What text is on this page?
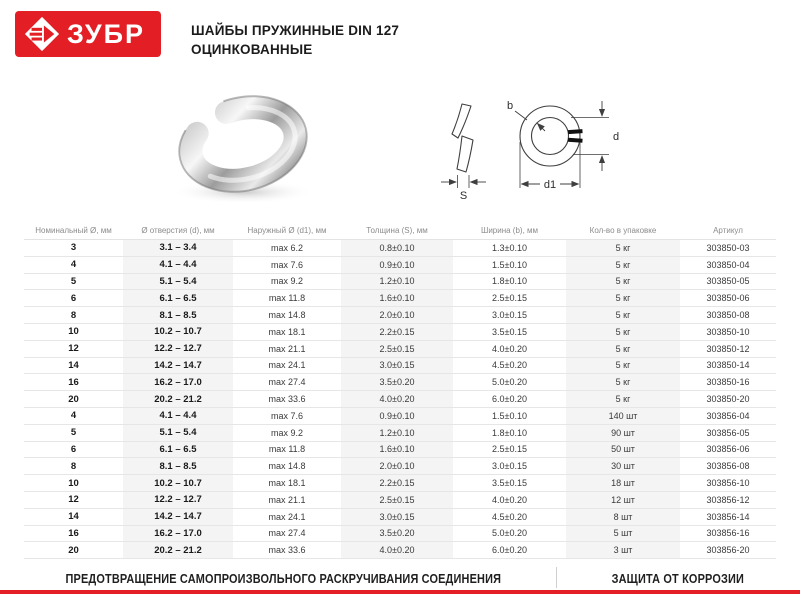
ЗУБР	ШАЙБЫ ПРУЖИННЫЕ DIN 127
ОЦИНКОВАННЫЕ
S
b
d
d1
Номинальный Ø, мм	Ø отверстия (d), мм	Наружный Ø (d1), мм	Толщина (S), мм	Ширина (b), мм	Кол-во в упаковке	Артикул
3	3.1 – 3.4	max 6.2	0.8±0.10	1.3±0.10	5 кг	303850-03
4	4.1 – 4.4	max 7.6	0.9±0.10	1.5±0.10	5 кг	303850-04
5	5.1 – 5.4	max 9.2	1.2±0.10	1.8±0.10	5 кг	303850-05
6	6.1 – 6.5	max 11.8	1.6±0.10	2.5±0.15	5 кг	303850-06
8	8.1 – 8.5	max 14.8	2.0±0.10	3.0±0.15	5 кг	303850-08
10	10.2 – 10.7	max 18.1	2.2±0.15	3.5±0.15	5 кг	303850-10
12	12.2 – 12.7	max 21.1	2.5±0.15	4.0±0.20	5 кг	303850-12
14	14.2 – 14.7	max 24.1	3.0±0.15	4.5±0.20	5 кг	303850-14
16	16.2 – 17.0	max 27.4	3.5±0.20	5.0±0.20	5 кг	303850-16
20	20.2 – 21.2	max 33.6	4.0±0.20	6.0±0.20	5 кг	303850-20
4	4.1 – 4.4	max 7.6	0.9±0.10	1.5±0.10	140 шт	303856-04
5	5.1 – 5.4	max 9.2	1.2±0.10	1.8±0.10	90 шт	303856-05
6	6.1 – 6.5	max 11.8	1.6±0.10	2.5±0.15	50 шт	303856-06
8	8.1 – 8.5	max 14.8	2.0±0.10	3.0±0.15	30 шт	303856-08
10	10.2 – 10.7	max 18.1	2.2±0.15	3.5±0.15	18 шт	303856-10
12	12.2 – 12.7	max 21.1	2.5±0.15	4.0±0.20	12 шт	303856-12
14	14.2 – 14.7	max 24.1	3.0±0.15	4.5±0.20	8 шт	303856-14
16	16.2 – 17.0	max 27.4	3.5±0.20	5.0±0.20	5 шт	303856-16
20	20.2 – 21.2	max 33.6	4.0±0.20	6.0±0.20	3 шт	303856-20
ПРЕДОТВРАЩЕНИЕ САМОПРОИЗВОЛЬНОГО РАСКРУЧИВАНИЯ СОЕДИНЕНИЯ	ЗАЩИТА ОТ КОРРОЗИИ
